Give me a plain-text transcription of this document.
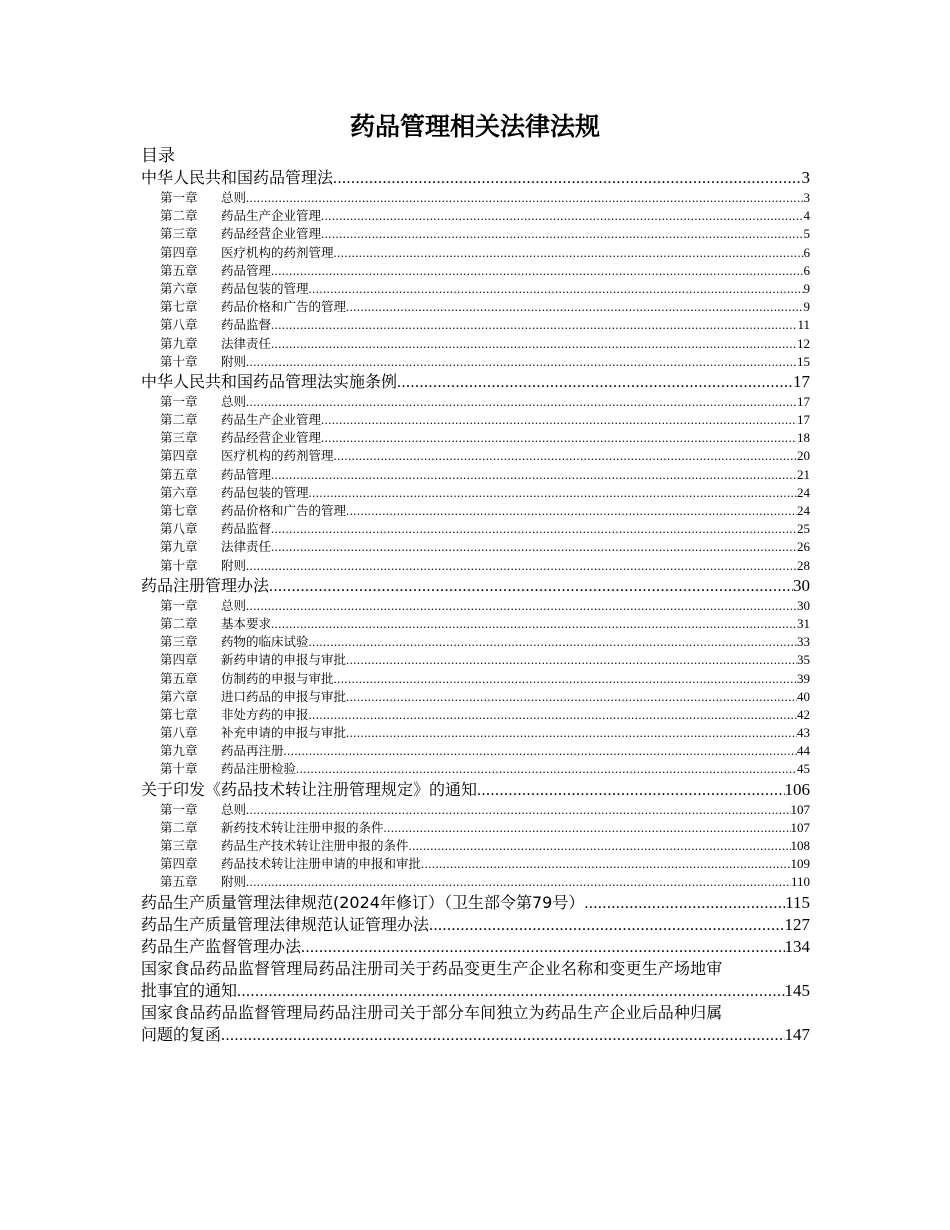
药品管理相关法律法规
目录
中华人民共和国药品管理法 .....	3
第一章	总则 .....	3
第二章	药品生产企业管理 .....	4
第三章	药品经营企业管理 .....	5
第四章	医疗机构的药剂管理 .....	6
第五章	药品管理 .....	6
第六章	药品包装的管理 .....	9
第七章	药品价格和广告的管理 .....	9
第八章	药品监督 .....	11
第九章	法律责任 .....	12
第十章	附则 .....	15
中华人民共和国药品管理法实施条例 .....	17
第一章	总则 .....	17
第二章	药品生产企业管理 .....	17
第三章	药品经营企业管理 .....	18
第四章	医疗机构的药剂管理 .....	20
第五章	药品管理 .....	21
第六章	药品包装的管理 .....	24
第七章	药品价格和广告的管理 .....	24
第八章	药品监督 .....	25
第九章	法律责任 .....	26
第十章	附则 .....	28
药品注册管理办法 .....	30
第一章	总则 .....	30
第二章	基本要求 .....	31
第三章	药物的临床试验 .....	33
第四章	新药申请的申报与审批 .....	35
第五章	仿制药的申报与审批 .....	39
第六章	进口药品的申报与审批 .....	40
第七章	非处方药的申报 .....	42
第八章	补充申请的申报与审批 .....	43
第九章	药品再注册 .....	44
第十章	药品注册检验 .....	45
关于印发《药品技术转让注册管理规定》的通知 .....	106
第一章	总则 .....	107
第二章	新药技术转让注册申报的条件 .....	107
第三章	药品生产技术转让注册申报的条件 .....	108
第四章	药品技术转让注册申请的申报和审批 .....	109
第五章	附则 .....	110
药品生产质量管理法律规范(2024年修订）（卫生部令第79号） .....	115
药品生产质量管理法律规范认证管理办法 .....	127
药品生产监督管理办法 .....	134
国家食品药品监督管理局药品注册司关于药品变更生产企业名称和变更生产场地审
批事宜的通知 .....	145
国家食品药品监督管理局药品注册司关于部分车间独立为药品生产企业后品种归属
问题的复函 .....	147
